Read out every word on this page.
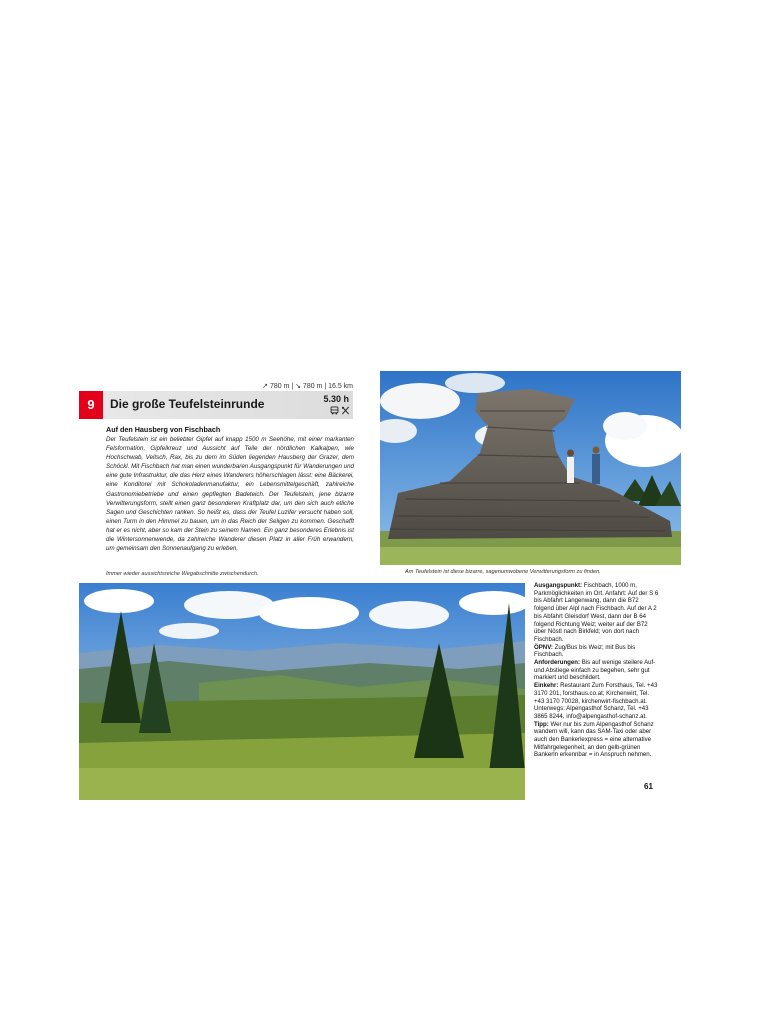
↗ 780 m | ↘ 780 m | 16.5 km
9	Die große Teufelsteinrunde	5.30 h

Auf den Hausberg von Fischbach

Der Teufelstein ist ein beliebter Gipfel auf knapp 1500 m Seehöhe, mit einer markanten Felsformation, Gipfelkreuz und Aussicht auf Teile der nördlichen Kalkalpen, wie Hochschwab, Veitsch, Rax, bis zu dem im Süden liegenden Hausberg der Grazer, dem Schöckl. Mit Fischbach hat man einen wunderbaren Ausgangspunkt für Wanderungen und eine gute Infrastruktur, die das Herz eines Wanderers höherschlagen lässt: eine Bäckerei, eine Konditorei mit Schokoladenmanufaktur, ein Lebensmittelgeschäft, zahlreiche Gastronomiebetriebe und einen gepflegten Badeteich. Der Teufelstein, jene bizarre Verwitterungsform, stellt einen ganz besonderen Kraftplatz dar, um den sich auch etliche Sagen und Geschichten ranken. So heißt es, dass der Teufel Luzifer versucht haben soll, einen Turm in den Himmel zu bauen, um in das Reich der Seligen zu kommen. Geschafft hat er es nicht, aber so kam der Stein zu seinem Namen. Ein ganz besonderes Erlebnis ist die Wintersonnenwende, da zahlreiche Wanderer diesen Platz in aller Früh erwandern, um gemeinsam den Sonnenaufgang zu erleben.

Am Teufelstein ist diese bizarre, sagenumwobene Verwitterungsform zu finden.
Immer wieder aussichtsreiche Wegabschnitte zwischendurch.

Ausgangspunkt: Fischbach, 1000 m, Parkmöglichkeiten im Ort. Anfahrt: Auf der S 6 bis Abfahrt Langenwang, dann die B72 folgend über Alpl nach Fischbach. Auf der A 2 bis Abfahrt Gleisdorf West, dann der B 64 folgend Richtung Weiz; weiter auf der B72 über Nöstl nach Birkfeld; von dort nach Fischbach.

ÖPNV: Zug/Bus bis Weiz; mit Bus bis Fischbach.

Anforderungen: Bis auf wenige steilere Auf- und Abstiege einfach zu begehen, sehr gut markiert und beschildert.

Einkehr: Restaurant Zum Forsthaus, Tel. +43 3170 201, forsthaus.co.at; Kirchenwirt, Tel. +43 3170 70028, kirchenwirt-fischbach.at. Unterwegs: Alpengasthof Schanz, Tel. +43 3865 8244, info@alpengasthof-schanz.at.

Tipp: Wer nur bis zum Alpengasthof Schanz wandern will, kann das SAM-Taxi oder aber auch den Bankerlexpress = eine alternative Mitfahrgelegenheit, an den gelb-grünen Bankerln erkennbar = in Anspruch nehmen.

61
